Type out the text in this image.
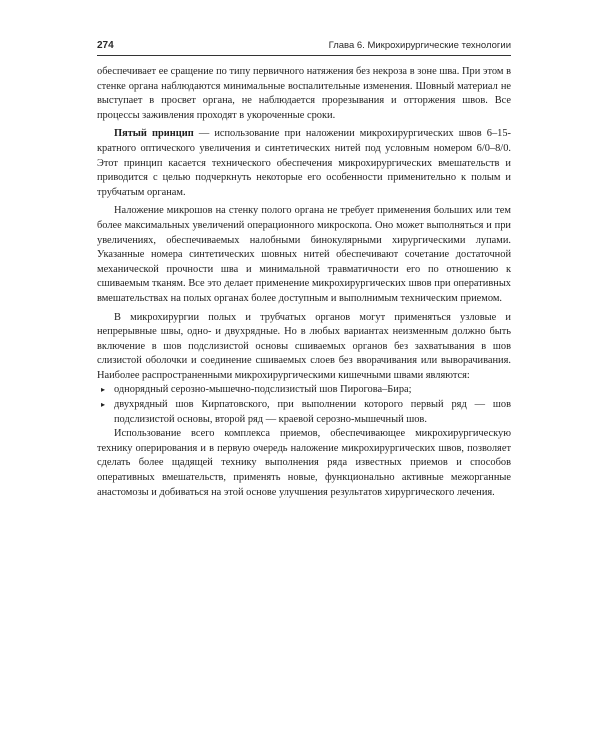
274	Глава 6. Микрохирургические технологии

обеспечивает ее сращение по типу первичного натяжения без некроза в зоне шва. При этом в стенке органа наблюдаются минимальные воспалительные изменения. Шовный материал не выступает в просвет органа, не наблюдается прорезывания и отторжения швов. Все процессы заживления проходят в укороченные сроки.

Пятый принцип — использование при наложении микрохирургических швов 6–15-кратного оптического увеличения и синтетических нитей под условным номером 6/0–8/0. Этот принцип касается технического обеспечения микрохирургических вмешательств и приводится с целью подчеркнуть некоторые его особенности применительно к полым и трубчатым органам.

Наложение микрошов на стенку полого органа не требует применения больших или тем более максимальных увеличений операционного микроскопа. Оно может выполняться и при увеличениях, обеспечиваемых налобными бинокулярными хирургическими лупами. Указанные номера синтетических шовных нитей обеспечивают сочетание достаточной механической прочности шва и минимальной травматичности его по отношению к сшиваемым тканям. Все это делает применение микрохирургических швов при оперативных вмешательствах на полых органах более доступным и выполнимым техническим приемом.

В микрохирургии полых и трубчатых органов могут применяться узловые и непрерывные швы, одно- и двухрядные. Но в любых вариантах неизменным должно быть включение в шов подслизистой основы сшиваемых органов без захватывания в шов слизистой оболочки и соединение сшиваемых слоев без вворачивания или выворачивания. Наиболее распространенными микрохирургическими кишечными швами являются:

▸ однорядный серозно-мышечно-подслизистый шов Пирогова–Бира;
▸ двухрядный шов Кирпатовского, при выполнении которого первый ряд — шов подслизистой основы, второй ряд — краевой серозно-мышечный шов.

Использование всего комплекса приемов, обеспечивающее микрохирургическую технику оперирования и в первую очередь наложение микрохирургических швов, позволяет сделать более щадящей технику выполнения ряда известных приемов и способов оперативных вмешательств, применять новые, функционально активные межорганные анастомозы и добиваться на этой основе улучшения результатов хирургического лечения.
